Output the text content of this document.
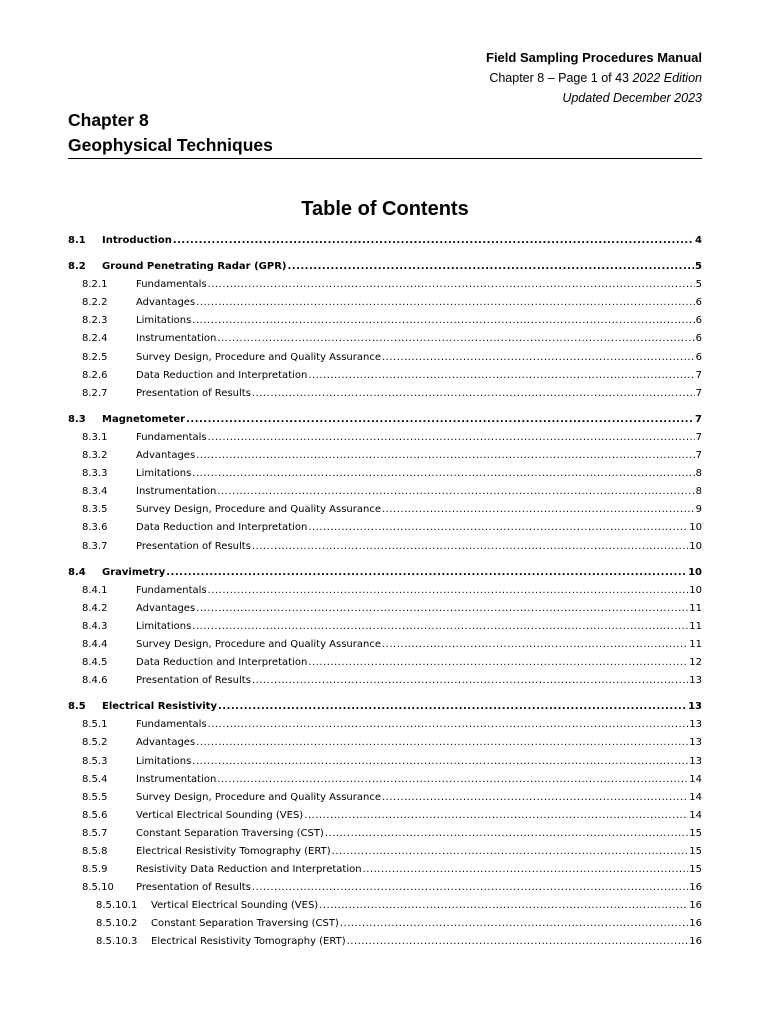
Field Sampling Procedures Manual
Chapter 8 – Page 1 of 43 2022 Edition
Updated December 2023
Chapter 8
Geophysical Techniques
Table of Contents
8.1	Introduction .....	4
8.2	Ground Penetrating Radar (GPR) .....	5
8.2.1	Fundamentals .....	5
8.2.2	Advantages .....	6
8.2.3	Limitations .....	6
8.2.4	Instrumentation .....	6
8.2.5	Survey Design, Procedure and Quality Assurance .....	6
8.2.6	Data Reduction and Interpretation .....	7
8.2.7	Presentation of Results .....	7
8.3	Magnetometer .....	7
8.3.1	Fundamentals .....	7
8.3.2	Advantages .....	7
8.3.3	Limitations .....	8
8.3.4	Instrumentation .....	8
8.3.5	Survey Design, Procedure and Quality Assurance .....	9
8.3.6	Data Reduction and Interpretation .....	10
8.3.7	Presentation of Results .....	10
8.4	Gravimetry .....	10
8.4.1	Fundamentals .....	10
8.4.2	Advantages .....	11
8.4.3	Limitations .....	11
8.4.4	Survey Design, Procedure and Quality Assurance .....	11
8.4.5	Data Reduction and Interpretation .....	12
8.4.6	Presentation of Results .....	13
8.5	Electrical Resistivity .....	13
8.5.1	Fundamentals .....	13
8.5.2	Advantages .....	13
8.5.3	Limitations .....	13
8.5.4	Instrumentation .....	14
8.5.5	Survey Design, Procedure and Quality Assurance .....	14
8.5.6	Vertical Electrical Sounding (VES) .....	14
8.5.7	Constant Separation Traversing (CST) .....	15
8.5.8	Electrical Resistivity Tomography (ERT) .....	15
8.5.9	Resistivity Data Reduction and Interpretation .....	15
8.5.10	Presentation of Results .....	16
8.5.10.1	Vertical Electrical Sounding (VES) .....	16
8.5.10.2	Constant Separation Traversing (CST) .....	16
8.5.10.3	Electrical Resistivity Tomography (ERT) .....	16
